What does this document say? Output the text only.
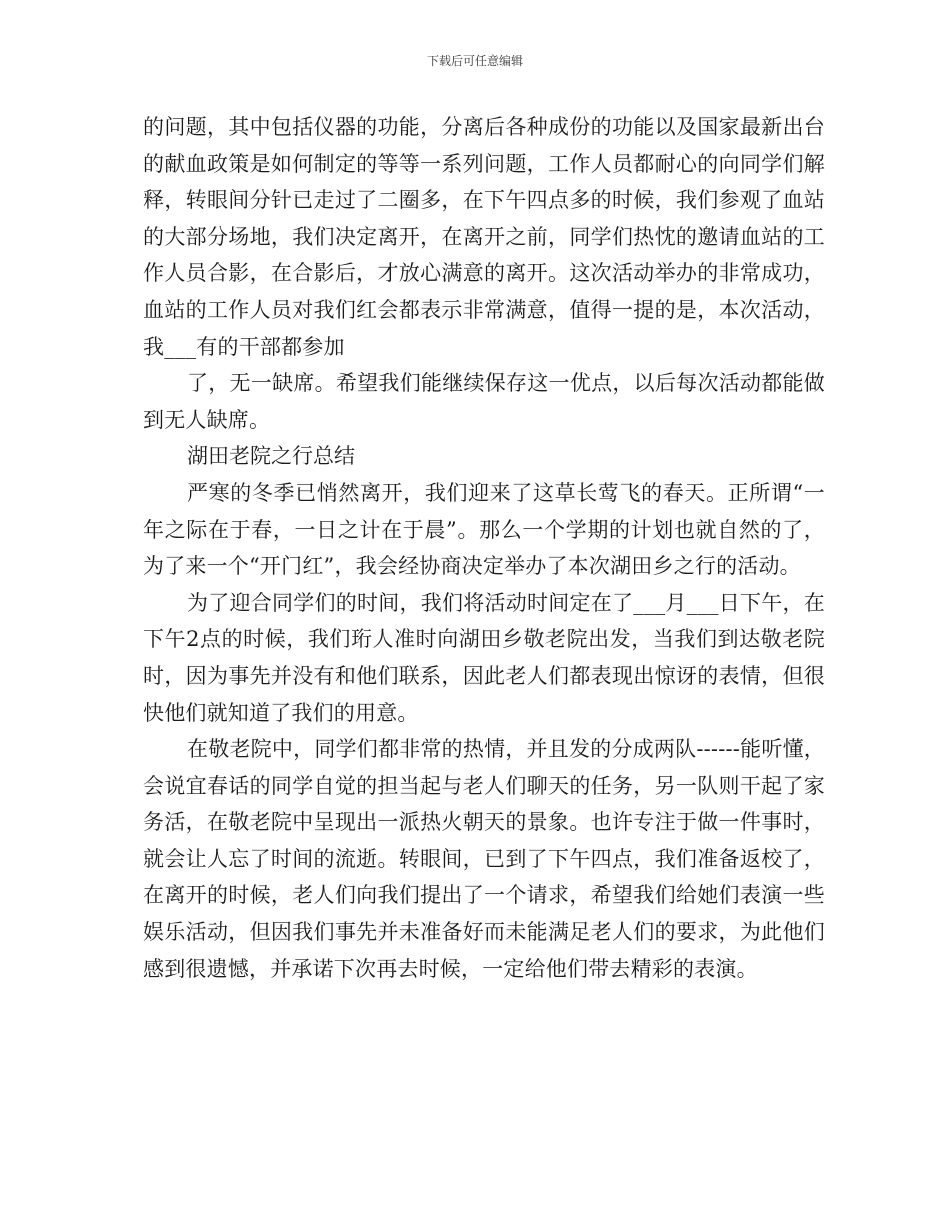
下载后可任意编辑

的问题，其中包括仪器的功能，分离后各种成份的功能以及国家最新出台的献血政策是如何制定的等等一系列问题，工作人员都耐心的向同学们解释，转眼间分针已走过了二圈多，在下午四点多的时候，我们参观了血站的大部分场地，我们决定离开，在离开之前，同学们热忱的邀请血站的工作人员合影，在合影后，才放心满意的离开。这次活动举办的非常成功，血站的工作人员对我们红会都表示非常满意，值得一提的是，本次活动，我___有的干部都参加

了，无一缺席。希望我们能继续保存这一优点，以后每次活动都能做到无人缺席。

湖田老院之行总结

严寒的冬季已悄然离开，我们迎来了这草长莺飞的春天。正所谓“一年之际在于春，一日之计在于晨”。那么一个学期的计划也就自然的了，为了来一个“开门红”，我会经协商决定举办了本次湖田乡之行的活动。

为了迎合同学们的时间，我们将活动时间定在了___月___日下午，在下午2点的时候，我们珩人准时向湖田乡敬老院出发，当我们到达敬老院时，因为事先并没有和他们联系，因此老人们都表现出惊讶的表情，但很快他们就知道了我们的用意。

在敬老院中，同学们都非常的热情，并且发的分成两队------能听懂，会说宜春话的同学自觉的担当起与老人们聊天的任务，另一队则干起了家务活，在敬老院中呈现出一派热火朝天的景象。也许专注于做一件事时，就会让人忘了时间的流逝。转眼间，已到了下午四点，我们准备返校了，在离开的时候，老人们向我们提出了一个请求，希望我们给她们表演一些娱乐活动，但因我们事先并未准备好而未能满足老人们的要求，为此他们感到很遗憾，并承诺下次再去时候，一定给他们带去精彩的表演。
